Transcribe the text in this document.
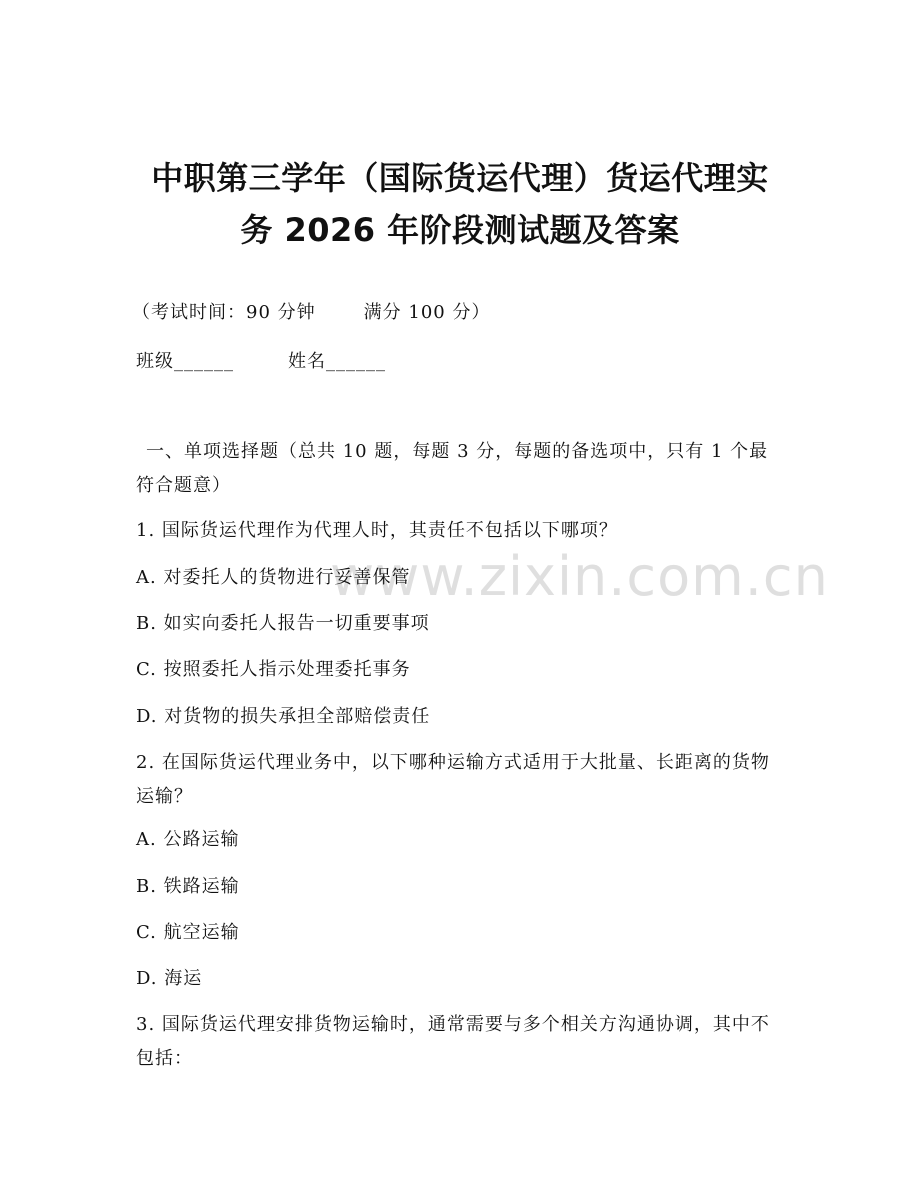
www.zixin.com.cn
中职第三学年（国际货运代理）货运代理实
务 2026 年阶段测试题及答案
（考试时间：90 分钟	满分 100 分）
班级______	姓名______
一、单项选择题（总共 10 题，每题 3 分，每题的备选项中，只有 1 个最符合题意）
1. 国际货运代理作为代理人时，其责任不包括以下哪项？
A. 对委托人的货物进行妥善保管
B. 如实向委托人报告一切重要事项
C. 按照委托人指示处理委托事务
D. 对货物的损失承担全部赔偿责任
2. 在国际货运代理业务中，以下哪种运输方式适用于大批量、长距离的货物运输？
A. 公路运输
B. 铁路运输
C. 航空运输
D. 海运
3. 国际货运代理安排货物运输时，通常需要与多个相关方沟通协调，其中不包括：
